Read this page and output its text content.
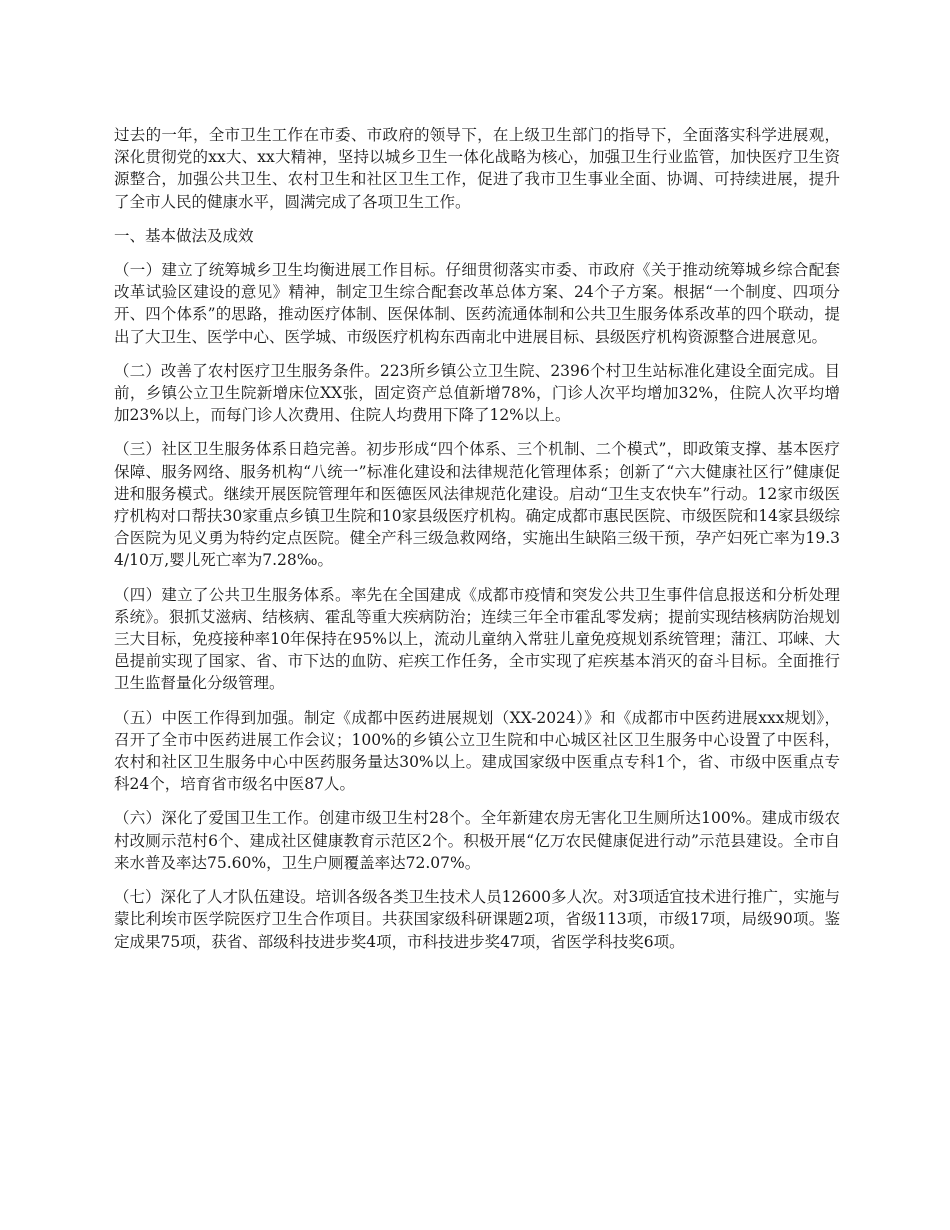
过去的一年，全市卫生工作在市委、市政府的领导下，在上级卫生部门的指导下，全面落实科学进展观，深化贯彻党的xx大、xx大精神，坚持以城乡卫生一体化战略为核心，加强卫生行业监管，加快医疗卫生资源整合，加强公共卫生、农村卫生和社区卫生工作，促进了我市卫生事业全面、协调、可持续进展，提升了全市人民的健康水平，圆满完成了各项卫生工作。

一、基本做法及成效

（一）建立了统筹城乡卫生均衡进展工作目标。仔细贯彻落实市委、市政府《关于推动统筹城乡综合配套改革试验区建设的意见》精神，制定卫生综合配套改革总体方案、24个子方案。根据“一个制度、四项分开、四个体系”的思路，推动医疗体制、医保体制、医药流通体制和公共卫生服务体系改革的四个联动，提出了大卫生、医学中心、医学城、市级医疗机构东西南北中进展目标、县级医疗机构资源整合进展意见。

（二）改善了农村医疗卫生服务条件。223所乡镇公立卫生院、2396个村卫生站标准化建设全面完成。目前，乡镇公立卫生院新增床位XX张，固定资产总值新增78%，门诊人次平均增加32%，住院人次平均增加23%以上，而每门诊人次费用、住院人均费用下降了12%以上。

（三）社区卫生服务体系日趋完善。初步形成“四个体系、三个机制、二个模式”，即政策支撑、基本医疗保障、服务网络、服务机构“八统一”标准化建设和法律规范化管理体系；创新了“六大健康社区行”健康促进和服务模式。继续开展医院管理年和医德医风法律规范化建设。启动“卫生支农快车”行动。12家市级医疗机构对口帮扶30家重点乡镇卫生院和10家县级医疗机构。确定成都市惠民医院、市级医院和14家县级综合医院为见义勇为特约定点医院。健全产科三级急救网络，实施出生缺陷三级干预，孕产妇死亡率为19.34/10万,婴儿死亡率为7.28‰。

（四）建立了公共卫生服务体系。率先在全国建成《成都市疫情和突发公共卫生事件信息报送和分析处理系统》。狠抓艾滋病、结核病、霍乱等重大疾病防治；连续三年全市霍乱零发病；提前实现结核病防治规划三大目标，免疫接种率10年保持在95%以上，流动儿童纳入常驻儿童免疫规划系统管理；蒲江、邛崃、大邑提前实现了国家、省、市下达的血防、疟疾工作任务，全市实现了疟疾基本消灭的奋斗目标。全面推行卫生监督量化分级管理。

（五）中医工作得到加强。制定《成都中医药进展规划（XX-2024）》和《成都市中医药进展xxx规划》，召开了全市中医药进展工作会议；100%的乡镇公立卫生院和中心城区社区卫生服务中心设置了中医科，农村和社区卫生服务中心中医药服务量达30%以上。建成国家级中医重点专科1个，省、市级中医重点专科24个，培育省市级名中医87人。

（六）深化了爱国卫生工作。创建市级卫生村28个。全年新建农房无害化卫生厕所达100%。建成市级农村改厕示范村6个、建成社区健康教育示范区2个。积极开展“亿万农民健康促进行动”示范县建设。全市自来水普及率达75.60%，卫生户厕覆盖率达72.07%。

（七）深化了人才队伍建设。培训各级各类卫生技术人员12600多人次。对3项适宜技术进行推广，实施与蒙比利埃市医学院医疗卫生合作项目。共获国家级科研课题2项，省级113项，市级17项，局级90项。鉴定成果75项，获省、部级科技进步奖4项，市科技进步奖47项，省医学科技奖6项。
